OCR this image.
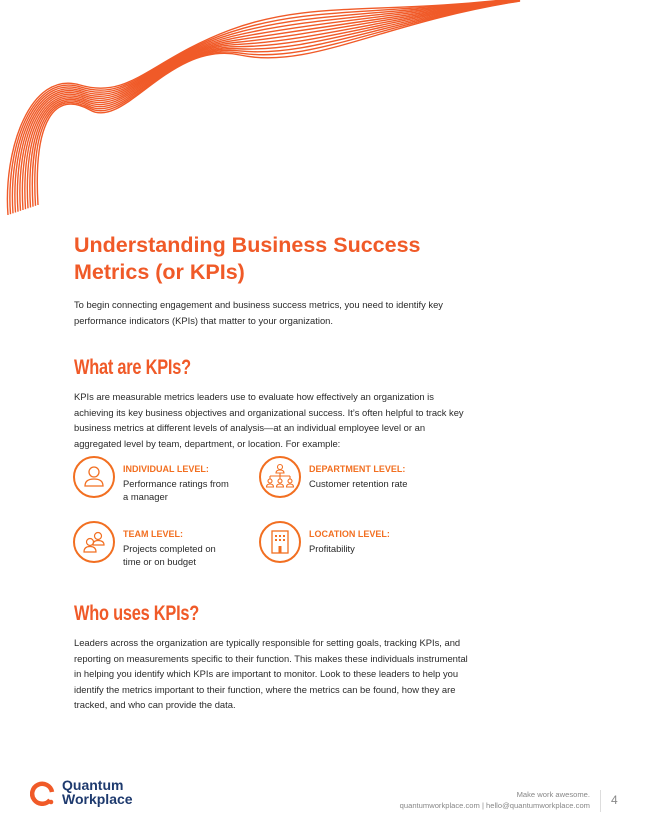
Understanding Business Success Metrics (or KPIs)

To begin connecting engagement and business success metrics, you need to identify key performance indicators (KPIs) that matter to your organization.

What are KPIs?

KPIs are measurable metrics leaders use to evaluate how effectively an organization is achieving its key business objectives and organizational success. It’s often helpful to track key business metrics at different levels of analysis—at an individual employee level or an aggregated level by team, department, or location. For example:

INDIVIDUAL LEVEL:

Performance ratings from a manager

DEPARTMENT LEVEL:

Customer retention rate

TEAM LEVEL:

Projects completed on time or on budget

LOCATION LEVEL:

Profitability

Who uses KPIs?

Leaders across the organization are typically responsible for setting goals, tracking KPIs, and reporting on measurements specific to their function. This makes these individuals instrumental in helping you identify which KPIs are important to monitor. Look to these leaders to help you identify the metrics important to their function, where the metrics can be found, how they are tracked, and who can provide the data.

Quantum
Workplace	Make work awesome.
quantumworkplace.com | hello@quantumworkplace.com 4
